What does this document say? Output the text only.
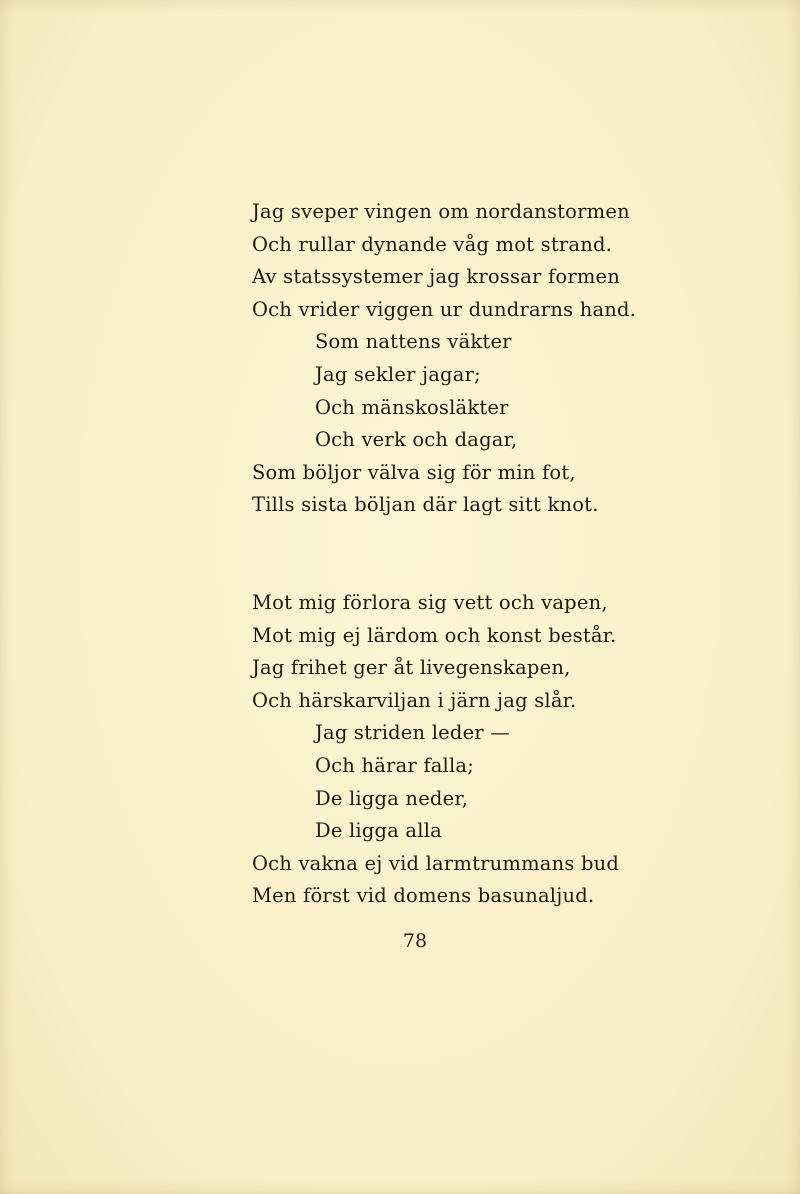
Jag sveper vingen om nordanstormen
Och rullar dynande våg mot strand.
Av statssystemer jag krossar formen
Och vrider viggen ur dundrarns hand.
Som nattens väkter
Jag sekler jagar;
Och mänskosläkter
Och verk och dagar,
Som böljor välva sig för min fot,
Tills sista böljan där lagt sitt knot.
Mot mig förlora sig vett och vapen,
Mot mig ej lärdom och konst består.
Jag frihet ger åt livegenskapen,
Och härskarviljan i järn jag slår.
Jag striden leder —
Och härar falla;
De ligga neder,
De ligga alla
Och vakna ej vid larmtrummans bud
Men först vid domens basunaljud.
78
